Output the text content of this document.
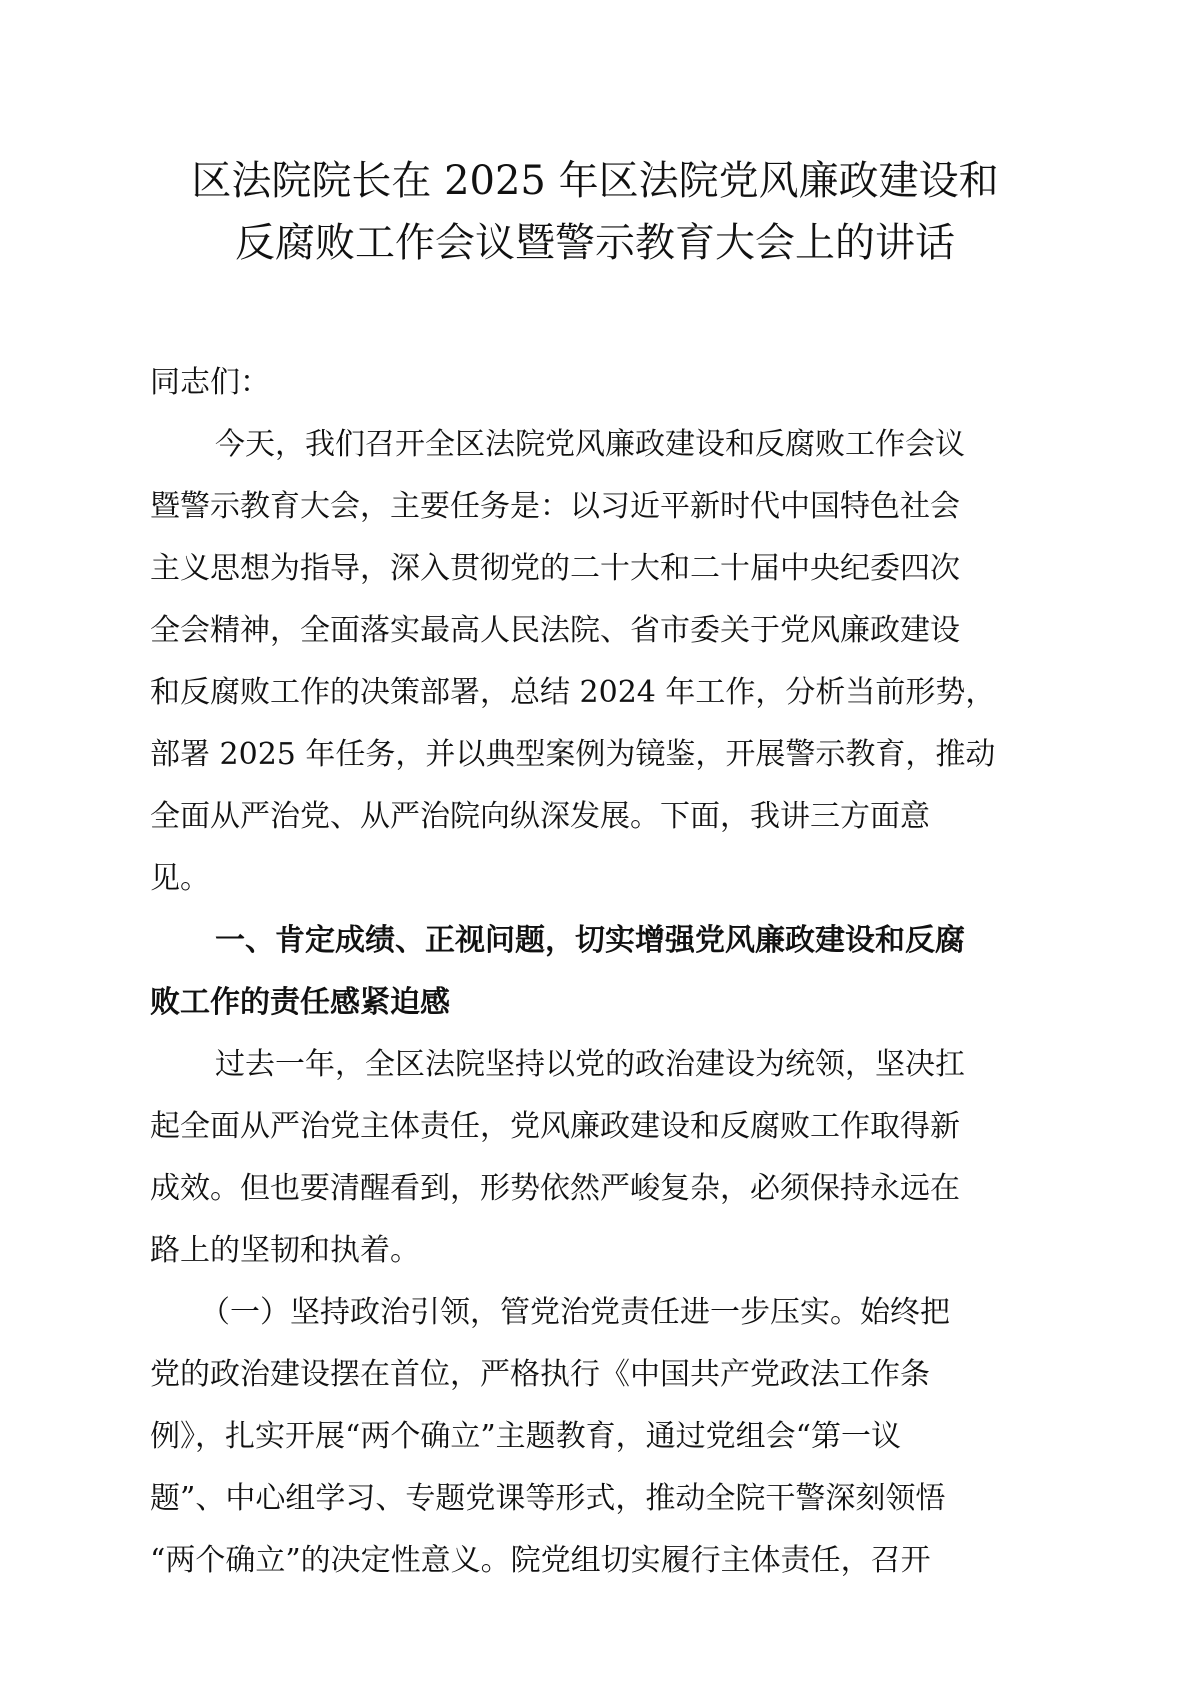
区法院院长在 2025 年区法院党风廉政建设和
反腐败工作会议暨警示教育大会上的讲话
同志们：
今天，我们召开全区法院党风廉政建设和反腐败工作会议
暨警示教育大会，主要任务是：以习近平新时代中国特色社会
主义思想为指导，深入贯彻党的二十大和二十届中央纪委四次
全会精神，全面落实最高人民法院、省市委关于党风廉政建设
和反腐败工作的决策部署，总结 2024 年工作，分析当前形势，
部署 2025 年任务，并以典型案例为镜鉴，开展警示教育，推动
全面从严治党、从严治院向纵深发展。下面，我讲三方面意
见。
一、肯定成绩、正视问题，切实增强党风廉政建设和反腐
败工作的责任感紧迫感
过去一年，全区法院坚持以党的政治建设为统领，坚决扛
起全面从严治党主体责任，党风廉政建设和反腐败工作取得新
成效。但也要清醒看到，形势依然严峻复杂，必须保持永远在
路上的坚韧和执着。
（一）坚持政治引领，管党治党责任进一步压实。始终把
党的政治建设摆在首位，严格执行《中国共产党政法工作条
例》，扎实开展“两个确立”主题教育，通过党组会“第一议
题”、中心组学习、专题党课等形式，推动全院干警深刻领悟
“两个确立”的决定性意义。院党组切实履行主体责任，召开
